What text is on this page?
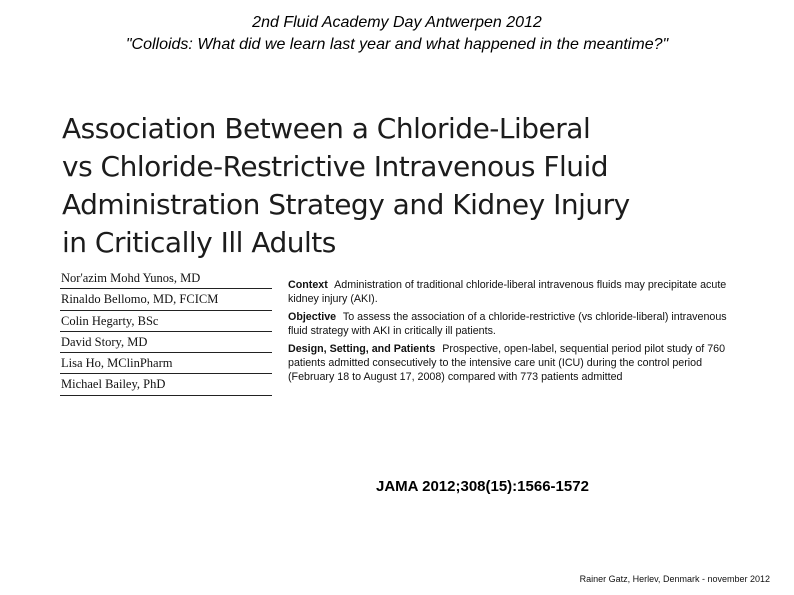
2nd Fluid Academy Day Antwerpen 2012
"Colloids: What did we learn last year and what happened in the meantime?"
Association Between a Chloride-Liberal
vs Chloride-Restrictive Intravenous Fluid
Administration Strategy and Kidney Injury
in Critically Ill Adults
Nor'azim Mohd Yunos, MD
Rinaldo Bellomo, MD, FCICM
Colin Hegarty, BSc
David Story, MD
Lisa Ho, MClinPharm
Michael Bailey, PhD

Context Administration of traditional chloride-liberal intravenous fluids may precipitate acute kidney injury (AKI).

Objective To assess the association of a chloride-restrictive (vs chloride-liberal) intravenous fluid strategy with AKI in critically ill patients.

Design, Setting, and Patients Prospective, open-label, sequential period pilot study of 760 patients admitted consecutively to the intensive care unit (ICU) during the control period (February 18 to August 17, 2008) compared with 773 patients admitted

JAMA 2012;308(15):1566-1572
Rainer Gatz, Herlev, Denmark - november 2012
